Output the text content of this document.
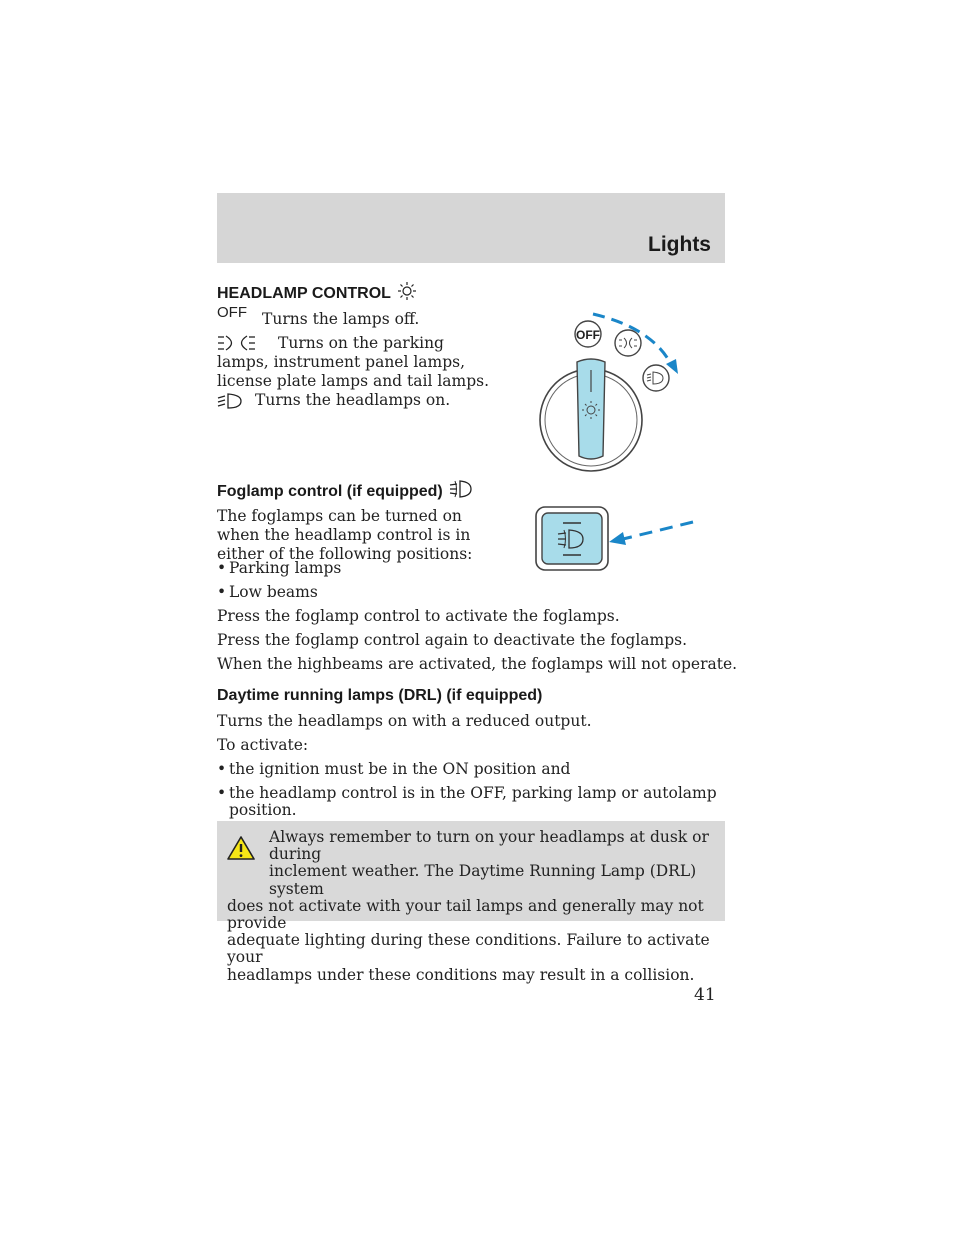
Lights
HEADLAMP CONTROL
OFF Turns the lamps off.
Turns on the parking
lamps, instrument panel lamps,
license plate lamps and tail lamps.
Turns the headlamps on.
OFF
Foglamp control (if equipped)
The foglamps can be turned on
when the headlamp control is in
either of the following positions:
• Parking lamps
• Low beams
Press the foglamp control to activate the foglamps.
Press the foglamp control again to deactivate the foglamps.
When the highbeams are activated, the foglamps will not operate.
Daytime running lamps (DRL) (if equipped)
Turns the headlamps on with a reduced output.
To activate:
• the ignition must be in the ON position and
• the headlamp control is in the OFF, parking lamp or autolamp
position.
Always remember to turn on your headlamps at dusk or during
inclement weather. The Daytime Running Lamp (DRL) system
does not activate with your tail lamps and generally may not provide
adequate lighting during these conditions. Failure to activate your
headlamps under these conditions may result in a collision.
41
